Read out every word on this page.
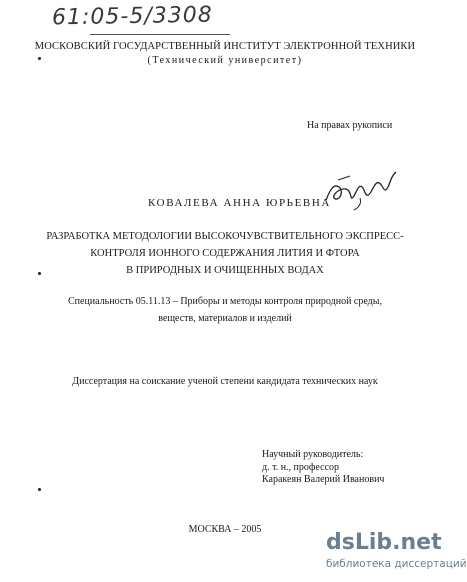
61:05-5/3308
МОСКОВСКИЙ ГОСУДАРСТВЕННЫЙ ИНСТИТУТ ЭЛЕКТРОННОЙ ТЕХНИКИ
(Технический университет)
На правах рукописи
КОВАЛЕВА АННА ЮРЬЕВНА
РАЗРАБОТКА МЕТОДОЛОГИИ ВЫСОКОЧУВСТВИТЕЛЬНОГО ЭКСПРЕСС-
КОНТРОЛЯ ИОННОГО СОДЕРЖАНИЯ ЛИТИЯ И ФТОРА
В ПРИРОДНЫХ И ОЧИЩЕННЫХ ВОДАХ
Специальность 05.11.13 – Приборы и методы контроля природной среды,
веществ, материалов и изделий
Диссертация на соискание ученой степени кандидата технических наук
Научный руководитель:
д. т. н., профессор
Каракеян Валерий Иванович
МОСКВА – 2005
dsLib.net
библиотека диссертаций
